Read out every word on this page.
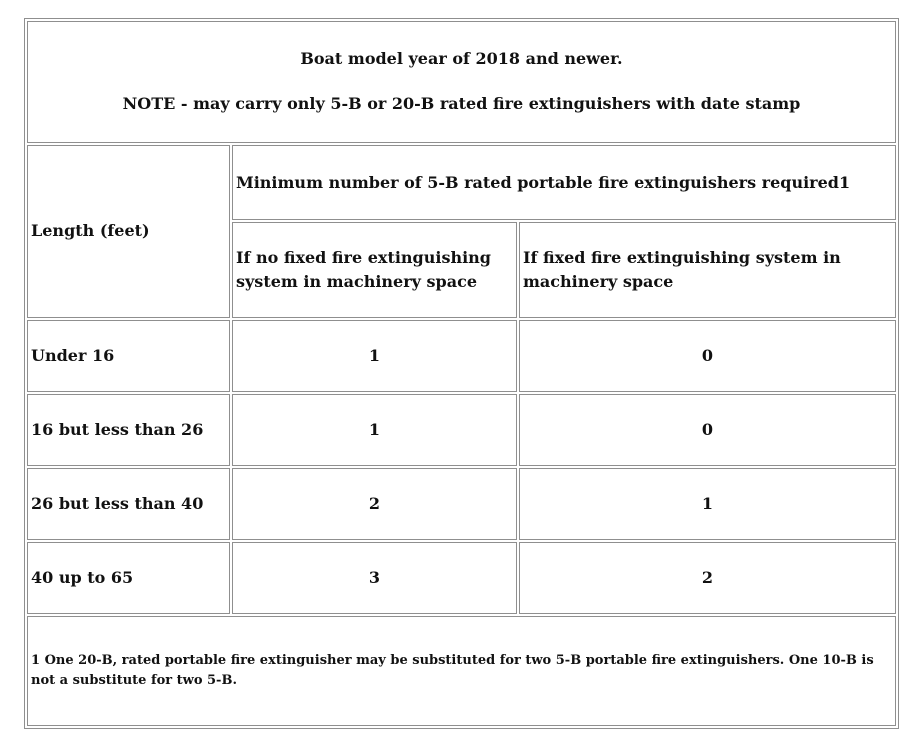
Boat model year of 2018 and newer.

NOTE - may carry only 5-B or 20-B rated fire extinguishers with date stamp		

Length (feet)	Minimum number of 5-B rated portable fire extinguishers required1	
	If no fixed fire extinguishing system in machinery space	If fixed fire extinguishing system in machinery space
Under 16	1	0
16 but less than 26	1	0
26 but less than 40	2	1
40 up to 65	3	2
1 One 20-B, rated portable fire extinguisher may be substituted for two 5-B portable fire extinguishers. One 10-B is not a substitute for two 5-B.		
